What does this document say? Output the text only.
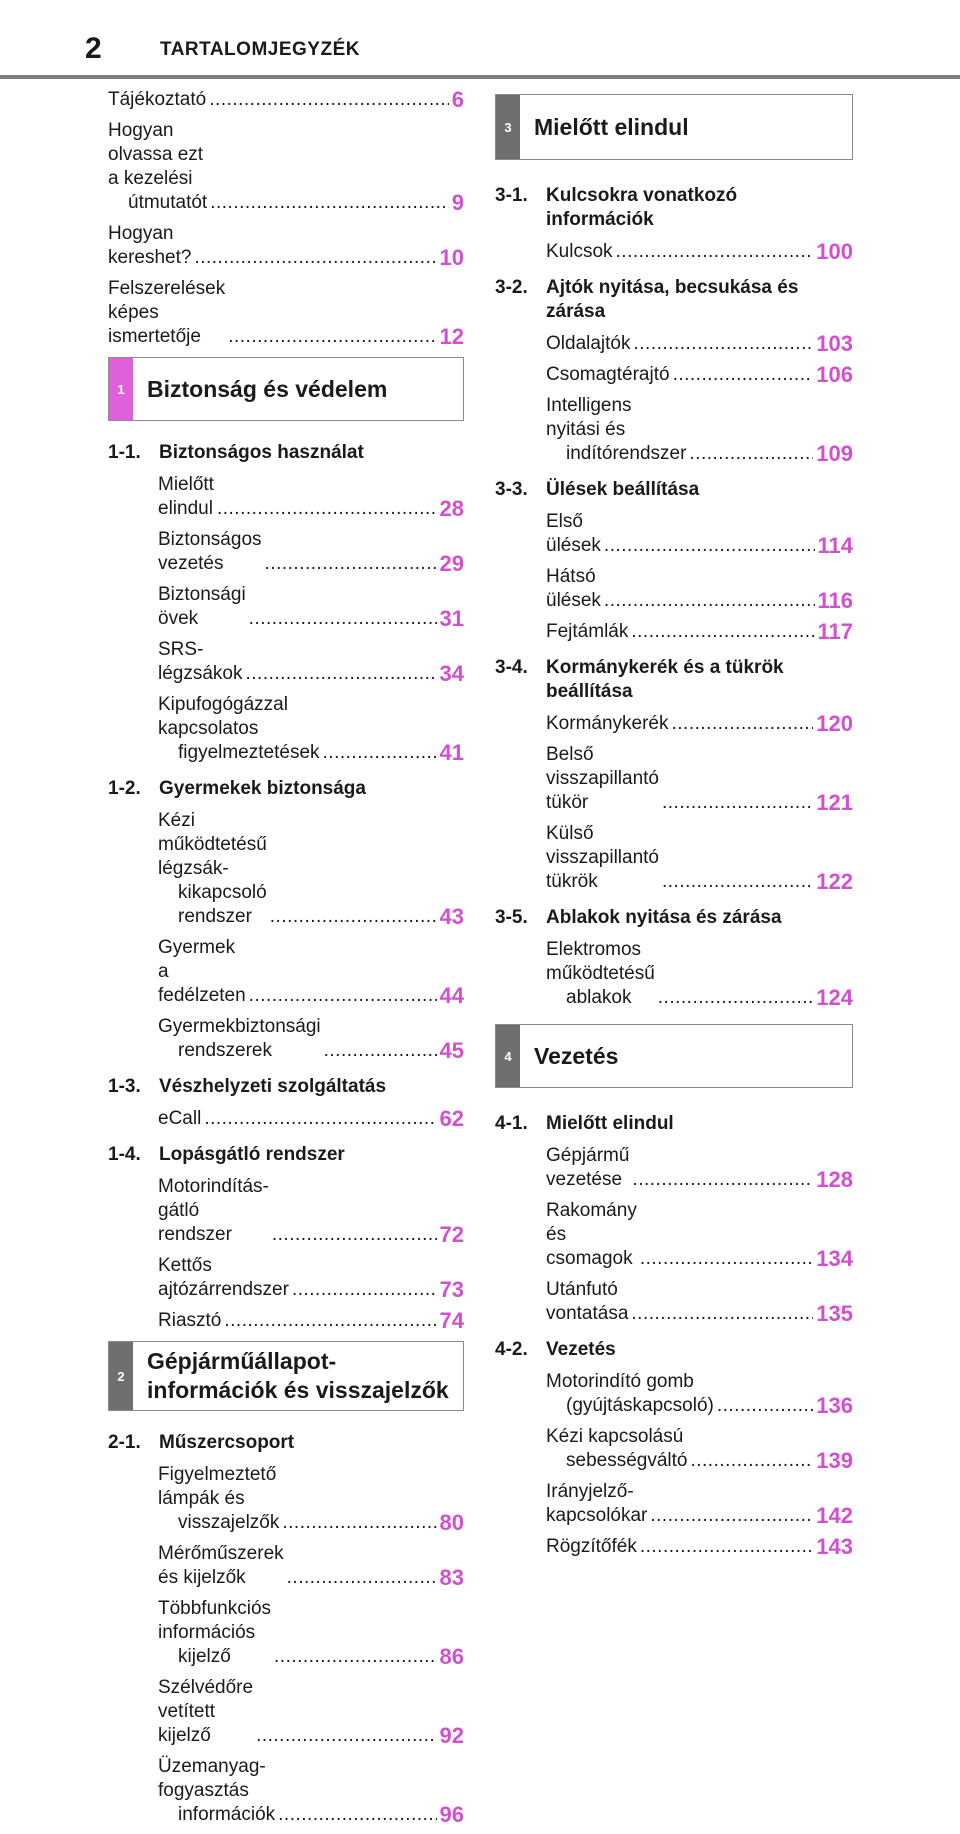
2	TARTALOMJEGYZÉK
Tájékoztató .....	6
Hogyan olvassa ezt a kezelési
útmutatót .....	9
Hogyan kereshet? .....	10
Felszerelések képes ismertetője .....	12
1 Biztonság és védelem
1-1. Biztonságos használat
Mielőtt elindul .....	28
Biztonságos vezetés .....	29
Biztonsági övek .....	31
SRS-légzsákok .....	34
Kipufogógázzal kapcsolatos
figyelmeztetések .....	41
1-2. Gyermekek biztonsága
Kézi működtetésű légzsák-
kikapcsoló rendszer .....	43
Gyermek a fedélzeten .....	44
Gyermekbiztonsági
rendszerek .....	45
1-3. Vészhelyzeti szolgáltatás
eCall .....	62
1-4. Lopásgátló rendszer
Motorindítás-gátló rendszer .....	72
Kettős ajtózárrendszer .....	73
Riasztó .....	74
2
Gépjárműállapot-
információk és visszajelzők
2-1. Műszercsoport
Figyelmeztető lámpák és
visszajelzők .....	80
Mérőműszerek és kijelzők .....	83
Többfunkciós információs
kijelző .....	86
Szélvédőre vetített kijelző .....	92
Üzemanyag-fogyasztás
információk .....	96
3 Mielőtt elindul
3-1. Kulcsokra vonatkozó
információk
Kulcsok .....	100
3-2. Ajtók nyitása, becsukása és
zárása
Oldalajtók .....	103
Csomagtérajtó .....	106
Intelligens nyitási és
indítórendszer .....	109
3-3. Ülések beállítása
Első ülések .....	114
Hátsó ülések .....	116
Fejtámlák .....	117
3-4. Kormánykerék és a tükrök
beállítása
Kormánykerék .....	120
Belső visszapillantó tükör .....	121
Külső visszapillantó tükrök .....	122
3-5. Ablakok nyitása és zárása
Elektromos működtetésű
ablakok .....	124
4 Vezetés
4-1. Mielőtt elindul
Gépjármű vezetése .....	128
Rakomány és csomagok .....	134
Utánfutó vontatása .....	135
4-2. Vezetés
Motorindító gomb
(gyújtáskapcsoló) .....	136
Kézi kapcsolású
sebességváltó .....	139
Irányjelző-kapcsolókar .....	142
Rögzítőfék .....	143
